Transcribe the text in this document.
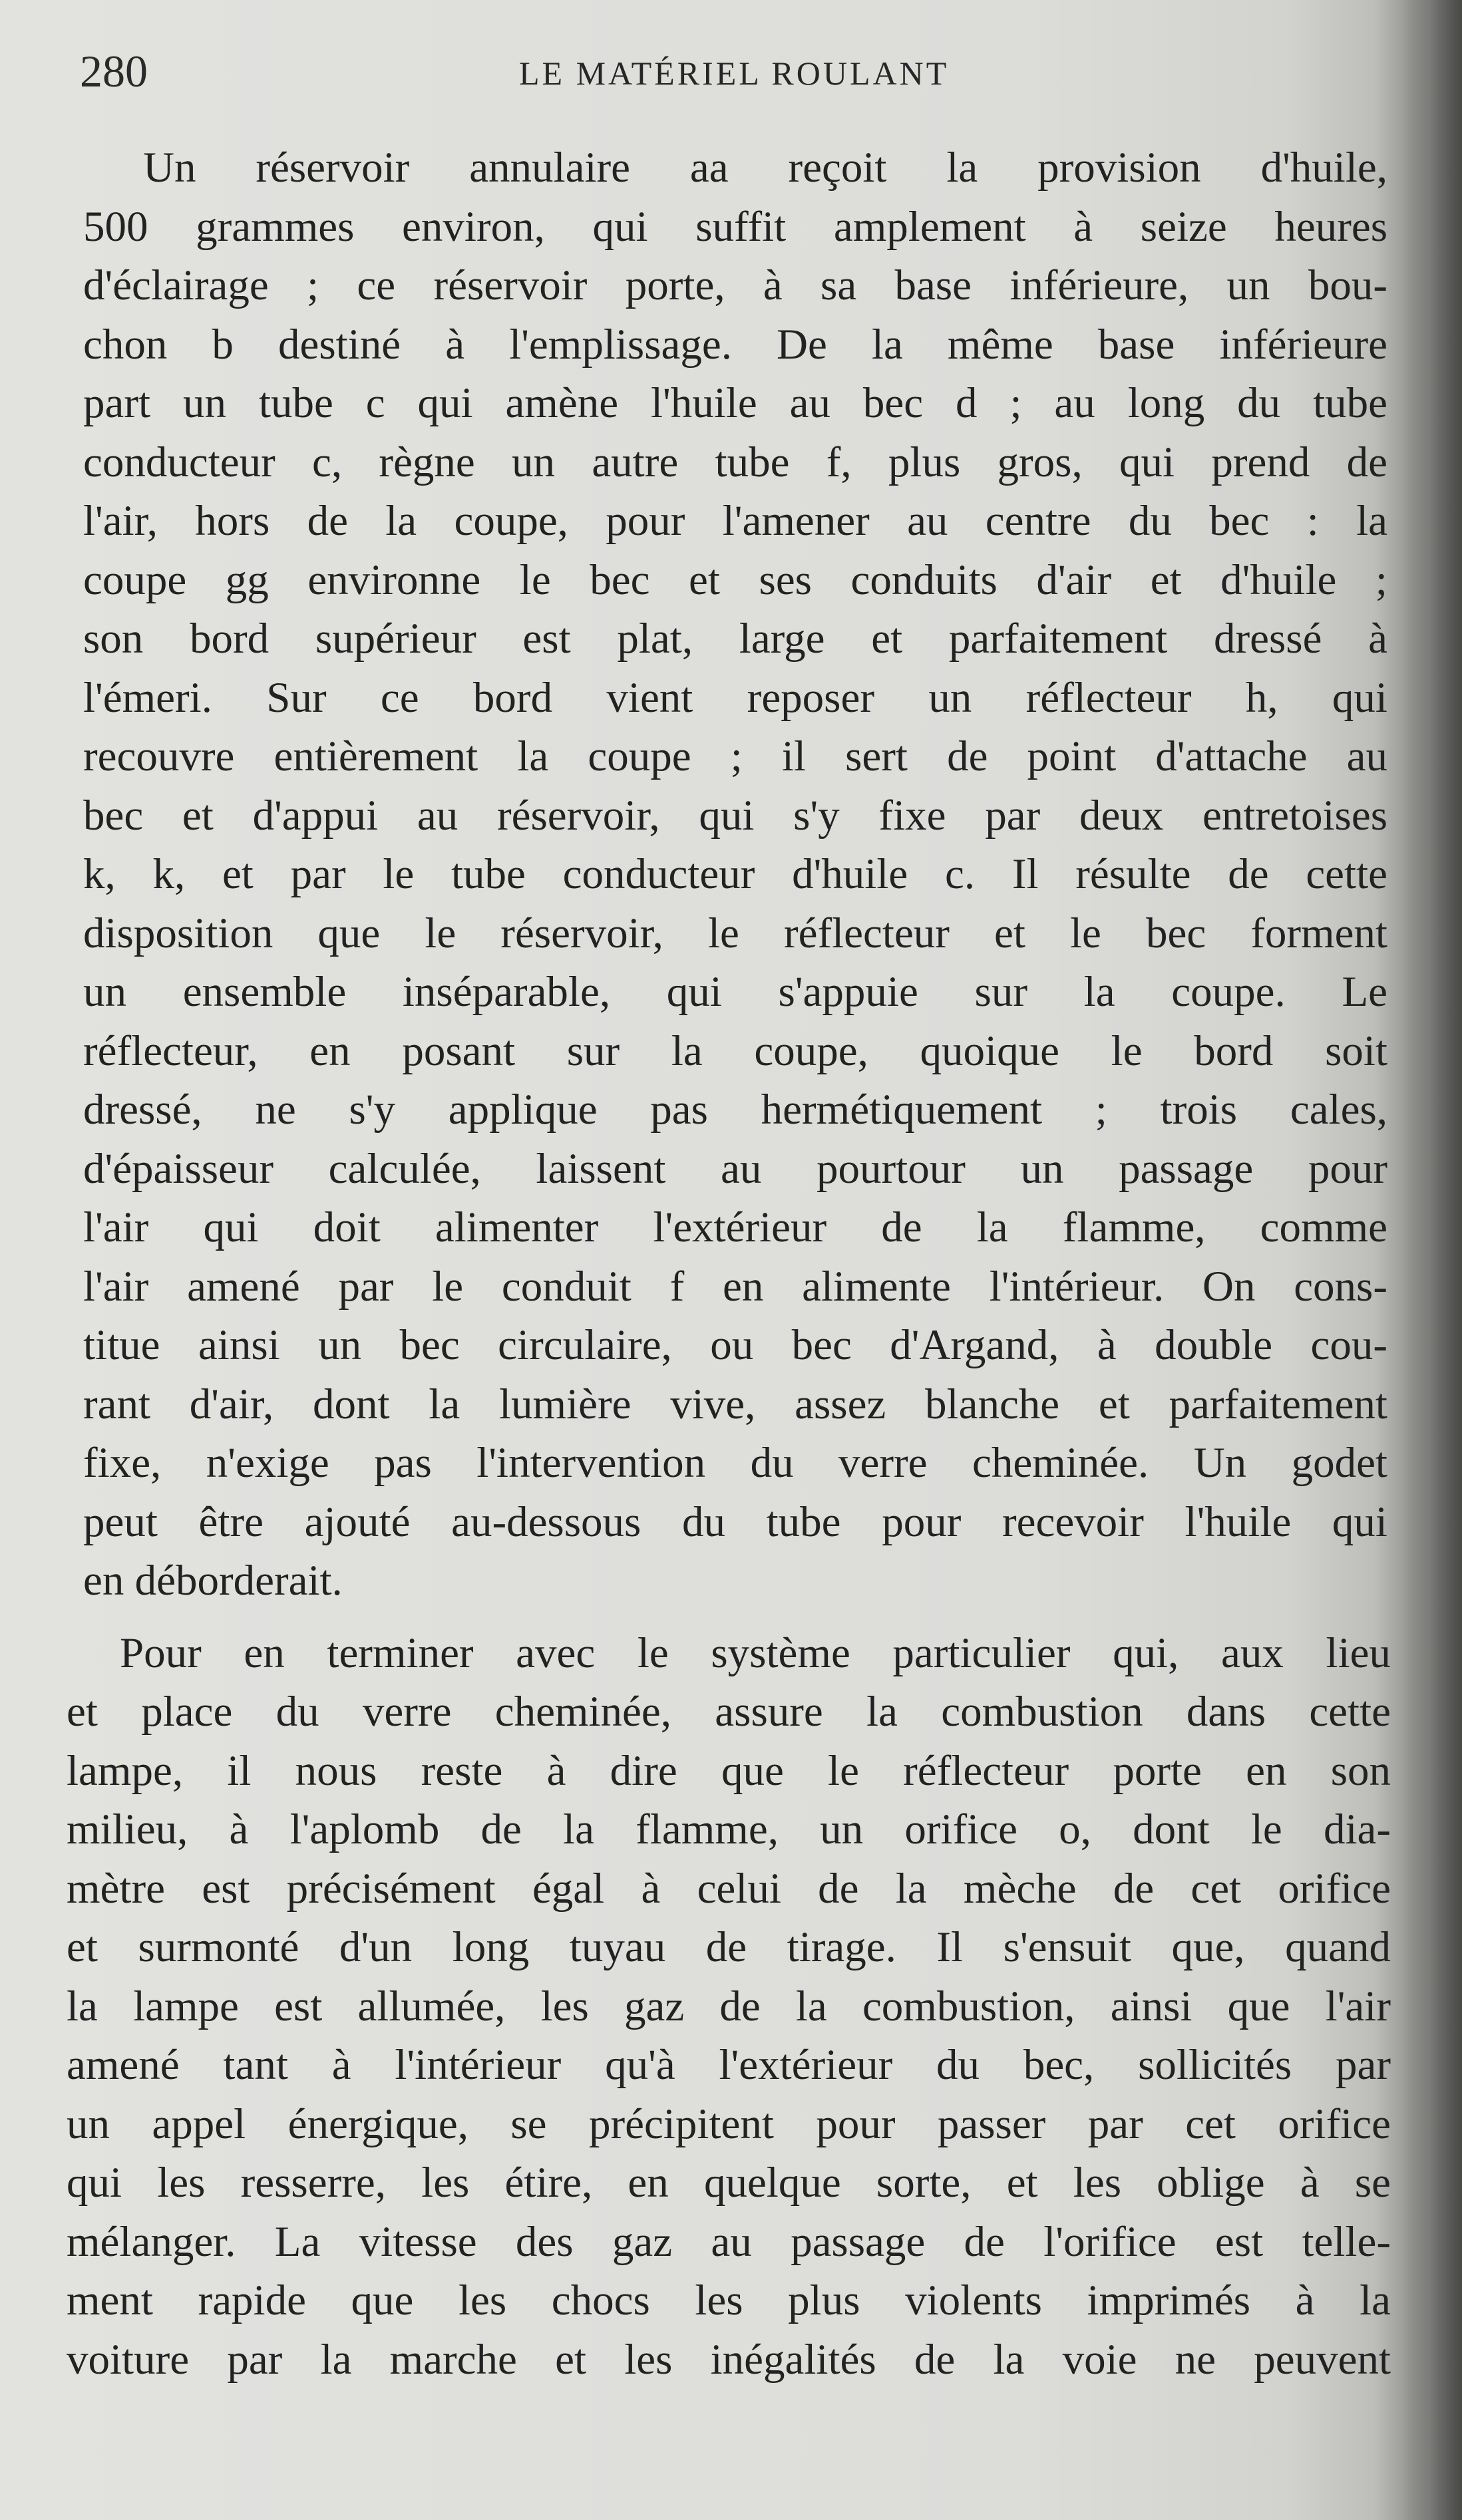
280	LE MATÉRIEL ROULANT
Un réservoir annulaire aa reçoit la provision d'huile,
500 grammes environ, qui suffit amplement à seize heures
d'éclairage ; ce réservoir porte, à sa base inférieure, un bou-
chon b destiné à l'emplissage. De la même base inférieure
part un tube c qui amène l'huile au bec d ; au long du tube
conducteur c, règne un autre tube f, plus gros, qui prend de
l'air, hors de la coupe, pour l'amener au centre du bec : la
coupe gg environne le bec et ses conduits d'air et d'huile ;
son bord supérieur est plat, large et parfaitement dressé à
l'émeri. Sur ce bord vient reposer un réflecteur h, qui
recouvre entièrement la coupe ; il sert de point d'attache au
bec et d'appui au réservoir, qui s'y fixe par deux entretoises
k, k, et par le tube conducteur d'huile c. Il résulte de cette
disposition que le réservoir, le réflecteur et le bec forment
un ensemble inséparable, qui s'appuie sur la coupe. Le
réflecteur, en posant sur la coupe, quoique le bord soit
dressé, ne s'y applique pas hermétiquement ; trois cales,
d'épaisseur calculée, laissent au pourtour un passage pour
l'air qui doit alimenter l'extérieur de la flamme, comme
l'air amené par le conduit f en alimente l'intérieur. On cons-
titue ainsi un bec circulaire, ou bec d'Argand, à double cou-
rant d'air, dont la lumière vive, assez blanche et parfaitement
fixe, n'exige pas l'intervention du verre cheminée. Un godet
peut être ajouté au-dessous du tube pour recevoir l'huile qui
en déborderait.
Pour en terminer avec le système particulier qui, aux lieu
et place du verre cheminée, assure la combustion dans cette
lampe, il nous reste à dire que le réflecteur porte en son
milieu, à l'aplomb de la flamme, un orifice o, dont le dia-
mètre est précisément égal à celui de la mèche de cet orifice
et surmonté d'un long tuyau de tirage. Il s'ensuit que, quand
la lampe est allumée, les gaz de la combustion, ainsi que l'air
amené tant à l'intérieur qu'à l'extérieur du bec, sollicités par
un appel énergique, se précipitent pour passer par cet orifice
qui les resserre, les étire, en quelque sorte, et les oblige à se
mélanger. La vitesse des gaz au passage de l'orifice est telle-
ment rapide que les chocs les plus violents imprimés à la
voiture par la marche et les inégalités de la voie ne peuvent
